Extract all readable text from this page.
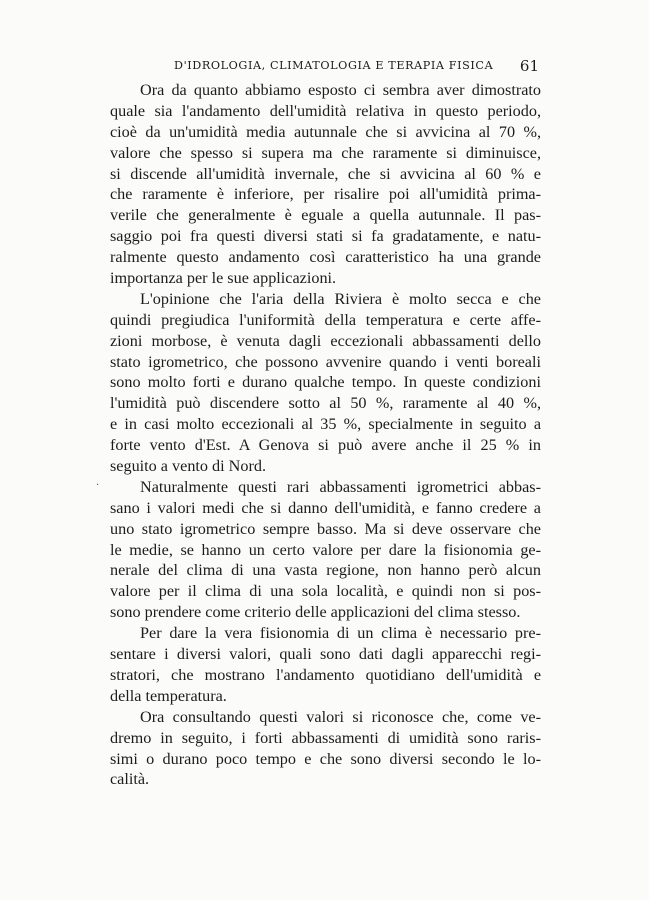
D'IDROLOGIA, CLIMATOLOGIA E TERAPIA FISICA	61
·

Ora da quanto abbiamo esposto ci sembra aver dimostrato
quale sia l'andamento dell'umidità relativa in questo periodo,
cioè da un'umidità media autunnale che si avvicina al 70 %,
valore che spesso si supera ma che raramente si diminuisce,
si discende all'umidità invernale, che si avvicina al 60 % e
che raramente è inferiore, per risalire poi all'umidità prima-
verile che generalmente è eguale a quella autunnale. Il pas-
saggio poi fra questi diversi stati si fa gradatamente, e natu-
ralmente questo andamento così caratteristico ha una grande
importanza per le sue applicazioni.

L'opinione che l'aria della Riviera è molto secca e che
quindi pregiudica l'uniformità della temperatura e certe affe-
zioni morbose, è venuta dagli eccezionali abbassamenti dello
stato igrometrico, che possono avvenire quando i venti boreali
sono molto forti e durano qualche tempo. In queste condizioni
l'umidità può discendere sotto al 50 %, raramente al 40 %,
e in casi molto eccezionali al 35 %, specialmente in seguito a
forte vento d'Est. A Genova si può avere anche il 25 % in
seguito a vento di Nord.

Naturalmente questi rari abbassamenti igrometrici abbas-
sano i valori medi che si danno dell'umidità, e fanno credere a
uno stato igrometrico sempre basso. Ma si deve osservare che
le medie, se hanno un certo valore per dare la fisionomia ge-
nerale del clima di una vasta regione, non hanno però alcun
valore per il clima di una sola località, e quindi non si pos-
sono prendere come criterio delle applicazioni del clima stesso.

Per dare la vera fisionomia di un clima è necessario pre-
sentare i diversi valori, quali sono dati dagli apparecchi regi-
stratori, che mostrano l'andamento quotidiano dell'umidità e
della temperatura.

Ora consultando questi valori si riconosce che, come ve-
dremo in seguito, i forti abbassamenti di umidità sono raris-
simi o durano poco tempo e che sono diversi secondo le lo-
calità.
